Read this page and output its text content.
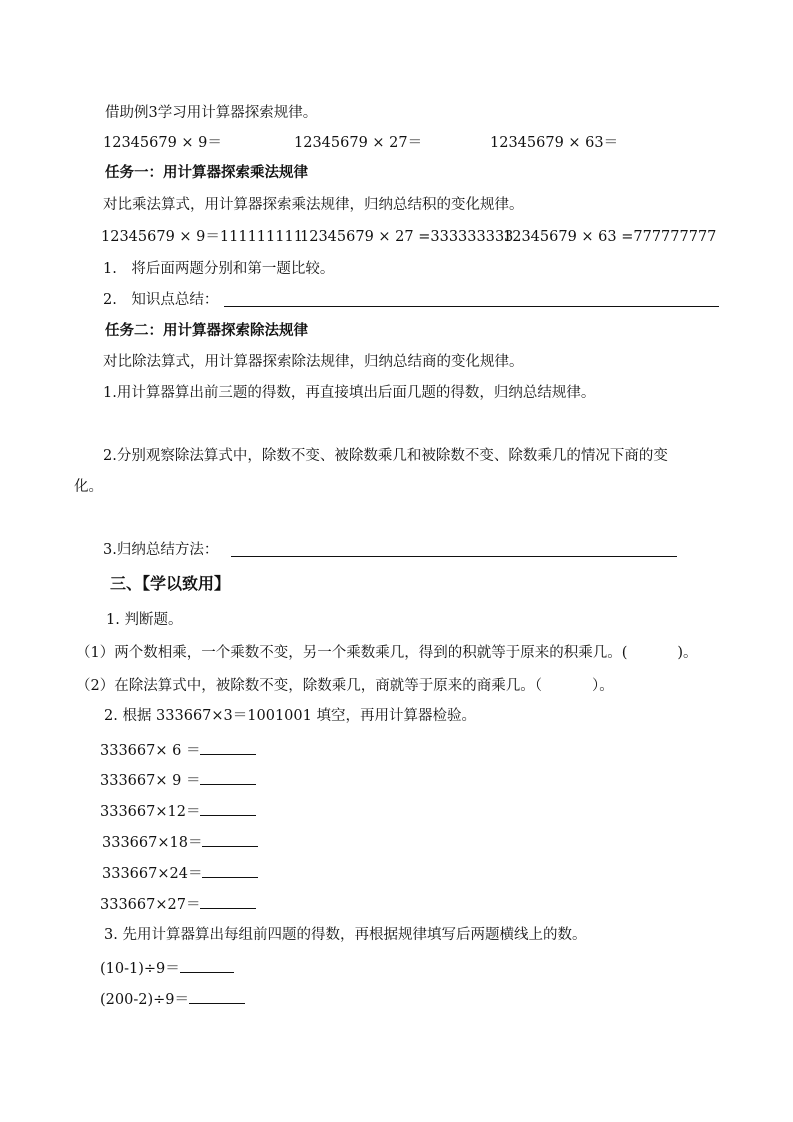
借助例3学习用计算器探索规律。
12345679 × 9＝	12345679 × 27＝	12345679 × 63＝
任务一：用计算器探索乘法规律
对比乘法算式，用计算器探索乘法规律，归纳总结积的变化规律。
12345679 × 9＝111111111
12345679 × 27 =333333333
12345679 × 63 =777777777
1.　将后面两题分别和第一题比较。
2.　知识点总结：
任务二：用计算器探索除法规律
对比除法算式，用计算器探索除法规律，归纳总结商的变化规律。
1.用计算器算出前三题的得数，再直接填出后面几题的得数，归纳总结规律。
2.分别观察除法算式中，除数不变、被除数乘几和被除数不变、除数乘几的情况下商的变
化。
3.归纳总结方法：
三、【学以致用】
1. 判断题。
（1）两个数相乘，一个乘数不变，另一个乘数乘几，得到的积就等于原来的积乘几。(	)。
（2）在除法算式中，被除数不变，除数乘几，商就等于原来的商乘几。（	）。
2. 根据 333667×3＝1001001 填空，再用计算器检验。
333667× 6 ＝
333667× 9 ＝
333667×12＝
333667×18＝
333667×24＝
333667×27＝
3. 先用计算器算出每组前四题的得数，再根据规律填写后两题横线上的数。
(10-1)÷9＝
(200-2)÷9＝
